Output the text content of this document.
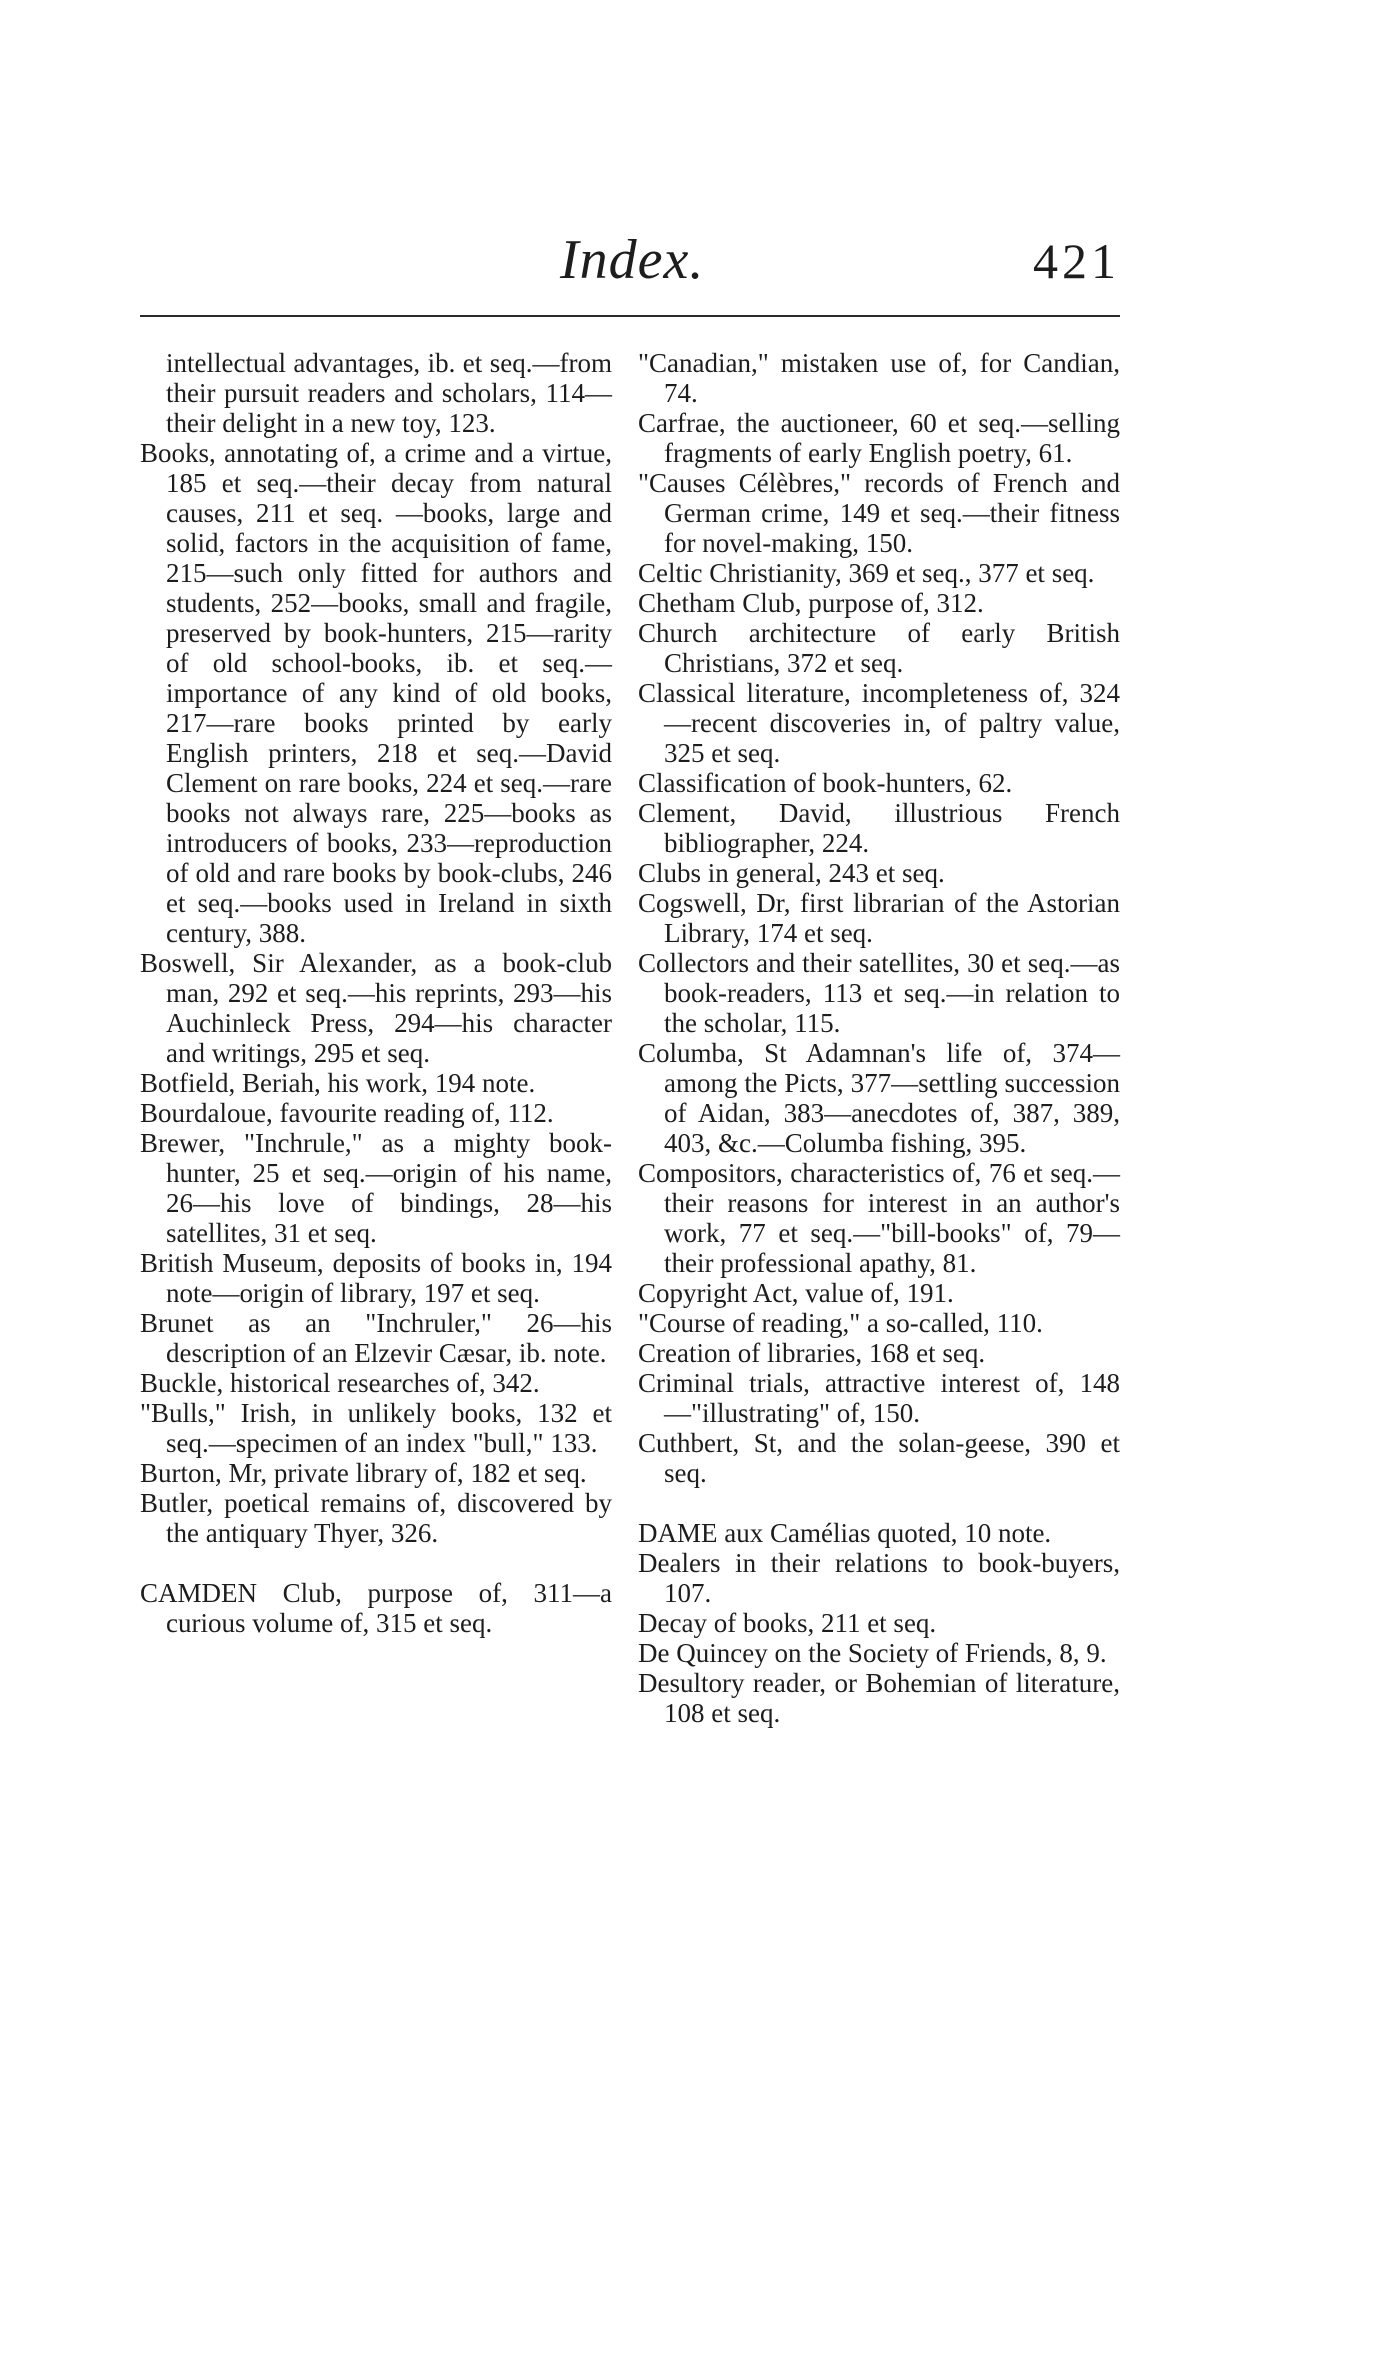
Index.	421

intellectual advantages, ib. et seq.—from their pursuit readers and scholars, 114—their delight in a new toy, 123.

Books, annotating of, a crime and a virtue, 185 et seq.—their decay from natural causes, 211 et seq. —books, large and solid, factors in the acquisition of fame, 215—such only fitted for authors and students, 252—books, small and fragile, preserved by book-hunters, 215—rarity of old school-books, ib. et seq.—importance of any kind of old books, 217—rare books printed by early English printers, 218 et seq.—David Clement on rare books, 224 et seq.—rare books not always rare, 225—books as introducers of books, 233—reproduction of old and rare books by book-clubs, 246 et seq.—books used in Ireland in sixth century, 388.

Boswell, Sir Alexander, as a book-club man, 292 et seq.—his reprints, 293—his Auchinleck Press, 294—his character and writings, 295 et seq.

Botfield, Beriah, his work, 194 note.

Bourdaloue, favourite reading of, 112.

Brewer, "Inchrule," as a mighty book-hunter, 25 et seq.—origin of his name, 26—his love of bindings, 28—his satellites, 31 et seq.

British Museum, deposits of books in, 194 note—origin of library, 197 et seq.

Brunet as an "Inchruler," 26—his description of an Elzevir Cæsar, ib. note.

Buckle, historical researches of, 342.

"Bulls," Irish, in unlikely books, 132 et seq.—specimen of an index "bull," 133.

Burton, Mr, private library of, 182 et seq.

Butler, poetical remains of, discovered by the antiquary Thyer, 326.

CAMDEN Club, purpose of, 311—a curious volume of, 315 et seq.

"Canadian," mistaken use of, for Candian, 74.

Carfrae, the auctioneer, 60 et seq.—selling fragments of early English poetry, 61.

"Causes Célèbres," records of French and German crime, 149 et seq.—their fitness for novel-making, 150.

Celtic Christianity, 369 et seq., 377 et seq.

Chetham Club, purpose of, 312.

Church architecture of early British Christians, 372 et seq.

Classical literature, incompleteness of, 324—recent discoveries in, of paltry value, 325 et seq.

Classification of book-hunters, 62.

Clement, David, illustrious French bibliographer, 224.

Clubs in general, 243 et seq.

Cogswell, Dr, first librarian of the Astorian Library, 174 et seq.

Collectors and their satellites, 30 et seq.—as book-readers, 113 et seq.—in relation to the scholar, 115.

Columba, St Adamnan's life of, 374—among the Picts, 377—settling succession of Aidan, 383—anecdotes of, 387, 389, 403, &c.—Columba fishing, 395.

Compositors, characteristics of, 76 et seq.—their reasons for interest in an author's work, 77 et seq.—"bill-books" of, 79—their professional apathy, 81.

Copyright Act, value of, 191.

"Course of reading," a so-called, 110.

Creation of libraries, 168 et seq.

Criminal trials, attractive interest of, 148—"illustrating" of, 150.

Cuthbert, St, and the solan-geese, 390 et seq.

DAME aux Camélias quoted, 10 note.

Dealers in their relations to book-buyers, 107.

Decay of books, 211 et seq.

De Quincey on the Society of Friends, 8, 9.

Desultory reader, or Bohemian of literature, 108 et seq.
